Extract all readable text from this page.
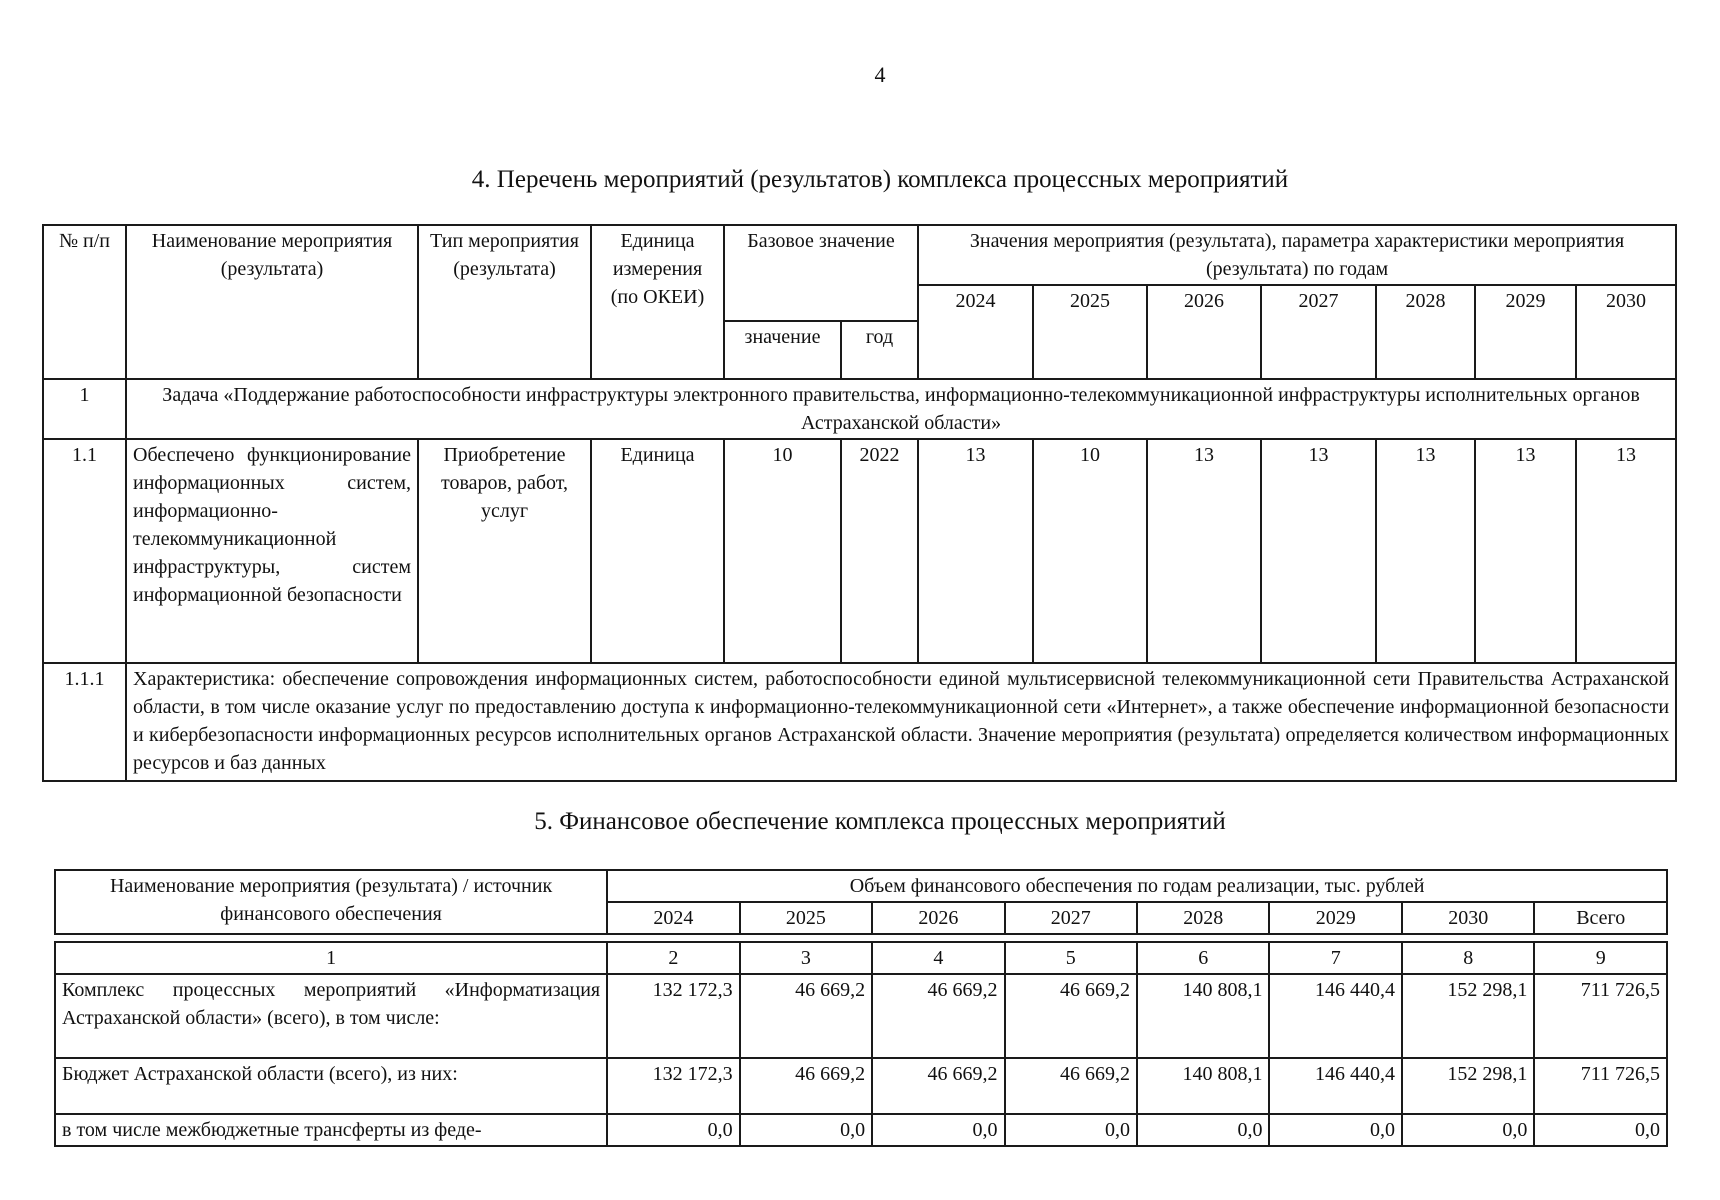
4
4. Перечень мероприятий (результатов) комплекса процессных мероприятий
№ п/п	Наименование мероприятия (результата)	Тип мероприятия (результата)	Единица измерения (по ОКЕИ)	Базовое значение		Значения мероприятия (результата), параметра характеристики мероприятия (результата) по годам						
						2024	2025	2026	2027	2028	2029	2030
				значение	год							
1	Задача «Поддержание работоспособности инфраструктуры электронного правительства, информационно-телекоммуникационной инфраструктуры исполнительных органов Астраханской области»											
1.1	Обеспечено функционирование информационных систем, информационно-телекоммуникационной инфраструктуры, систем информационной безопасности	Приобретение товаров, работ, услуг	Единица	10	2022	13	10	13	13	13	13	13
1.1.1	Характеристика: обеспечение сопровождения информационных систем, работоспособности единой мультисервисной телекоммуникационной сети Правительства Астраханской области, в том числе оказание услуг по предоставлению доступа к информационно-телекоммуникационной сети «Интернет», а также обеспечение информационной безопасности и кибербезопасности информационных ресурсов исполнительных органов Астраханской области. Значение мероприятия (результата) определяется количеством информационных ресурсов и баз данных											
5. Финансовое обеспечение комплекса процессных мероприятий
Наименование мероприятия (результата) / источник финансового обеспечения	Объем финансового обеспечения по годам реализации, тыс. рублей							
	2024	2025	2026	2027	2028	2029	2030	Всего

1	2	3	4	5	6	7	8	9
Комплекс процессных мероприятий «Информатизация Астраханской области» (всего), в том числе:	132 172,3	46 669,2	46 669,2	46 669,2	140 808,1	146 440,4	152 298,1	711 726,5
Бюджет Астраханской области (всего), из них:	132 172,3	46 669,2	46 669,2	46 669,2	140 808,1	146 440,4	152 298,1	711 726,5
в том числе межбюджетные трансферты из феде-	0,0	0,0	0,0	0,0	0,0	0,0	0,0	0,0
